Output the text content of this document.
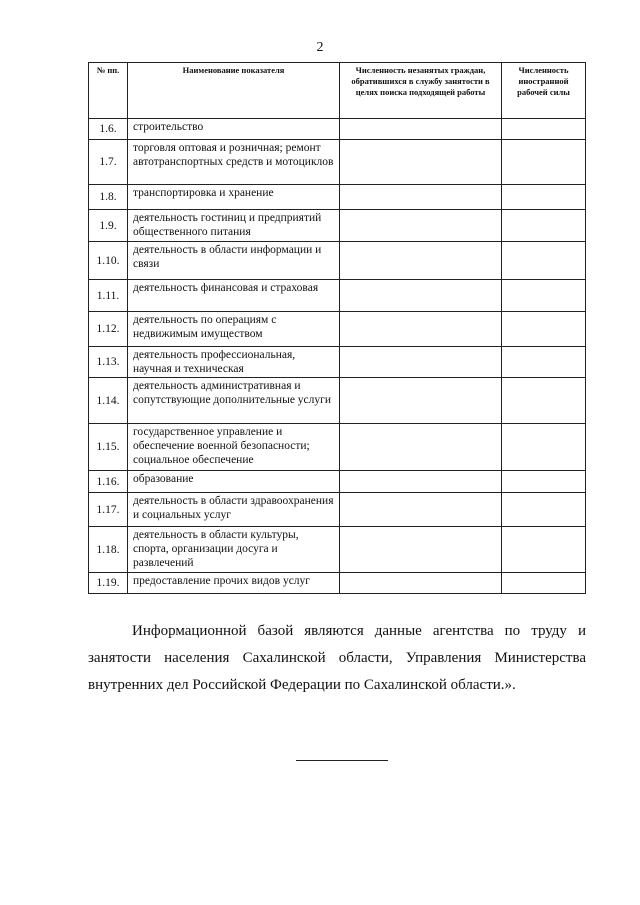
2
№ пп.	Наименование показателя	Численность незанятых граждан, обратившихся в службу занятости в целях поиска подходящей работы	Численность иностранной рабочей силы
1.6.	строительство		
1.7.	торговля оптовая и розничная; ремонт автотранспортных средств и мотоциклов		
1.8.	транспортировка и хранение		
1.9.	деятельность гостиниц и предприятий общественного питания		
1.10.	деятельность в области информации и связи		
1.11.	деятельность финансовая и страховая		
1.12.	деятельность по операциям с недвижимым имуществом		
1.13.	деятельность профессиональная, научная и техническая		
1.14.	деятельность административная и сопутствующие дополнительные услуги		
1.15.	государственное управление и обеспечение военной безопасности; социальное обеспечение		
1.16.	образование		
1.17.	деятельность в области здравоохранения и социальных услуг		
1.18.	деятельность в области культуры, спорта, организации досуга и развлечений		
1.19.	предоставление прочих видов услуг		

Информационной базой являются данные агентства по труду и занятости населения Сахалинской области, Управления Министерства внутренних дел Российской Федерации по Сахалинской области.».
